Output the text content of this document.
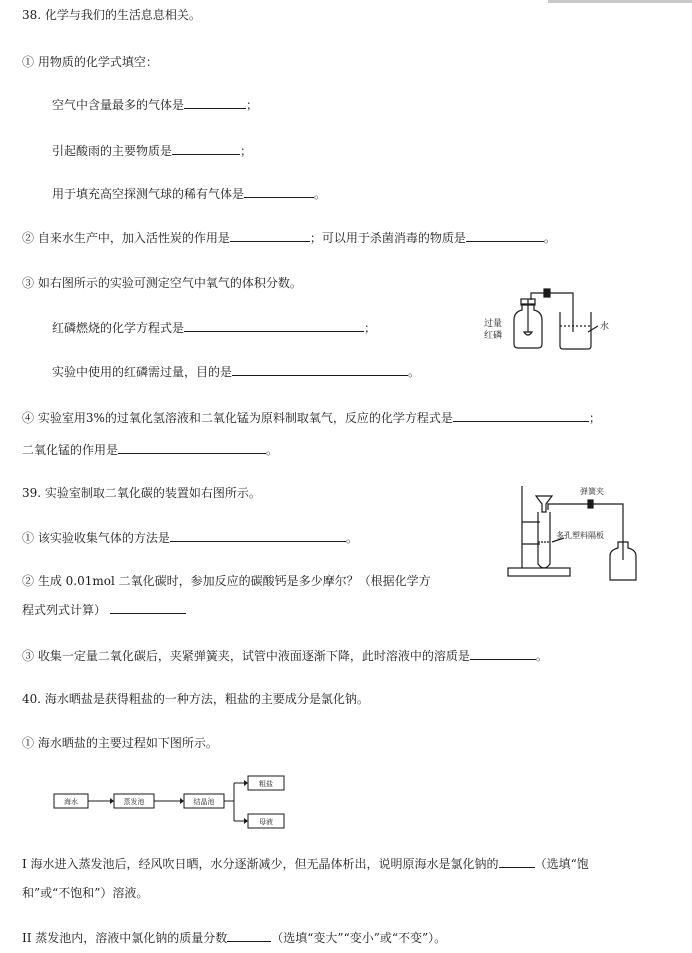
38. 化学与我们的生活息息相关。
① 用物质的化学式填空：
空气中含量最多的气体是	；
引起酸雨的主要物质是	；
用于填充高空探测气球的稀有气体是	。
② 自来水生产中，加入活性炭的作用是	；可以用于杀菌消毒的物质是	。
③ 如右图所示的实验可测定空气中氧气的体积分数。
红磷燃烧的化学方程式是	；
实验中使用的红磷需过量，目的是	。
过量
红磷
水
④ 实验室用3%的过氧化氢溶液和二氧化锰为原料制取氧气，反应的化学方程式是	；
二氧化锰的作用是	。
39. 实验室制取二氧化碳的装置如右图所示。
① 该实验收集气体的方法是	。
② 生成 0.01mol 二氧化碳时，参加反应的碳酸钙是多少摩尔？（根据化学方
程式列式计算）
弹簧夹
多孔塑料隔板
③ 收集一定量二氧化碳后，夹紧弹簧夹，试管中液面逐渐下降，此时溶液中的溶质是	。
40. 海水晒盐是获得粗盐的一种方法，粗盐的主要成分是氯化钠。
① 海水晒盐的主要过程如下图所示。
海水	蒸发池	结晶池
粗盐
母液
I 海水进入蒸发池后，经风吹日晒，水分逐渐减少，但无晶体析出，说明原海水是氯化钠的	（选填“饱
和”或“不饱和”）溶液。
II 蒸发池内，溶液中氯化钠的质量分数	（选填“变大”“变小”或“不变”）。
